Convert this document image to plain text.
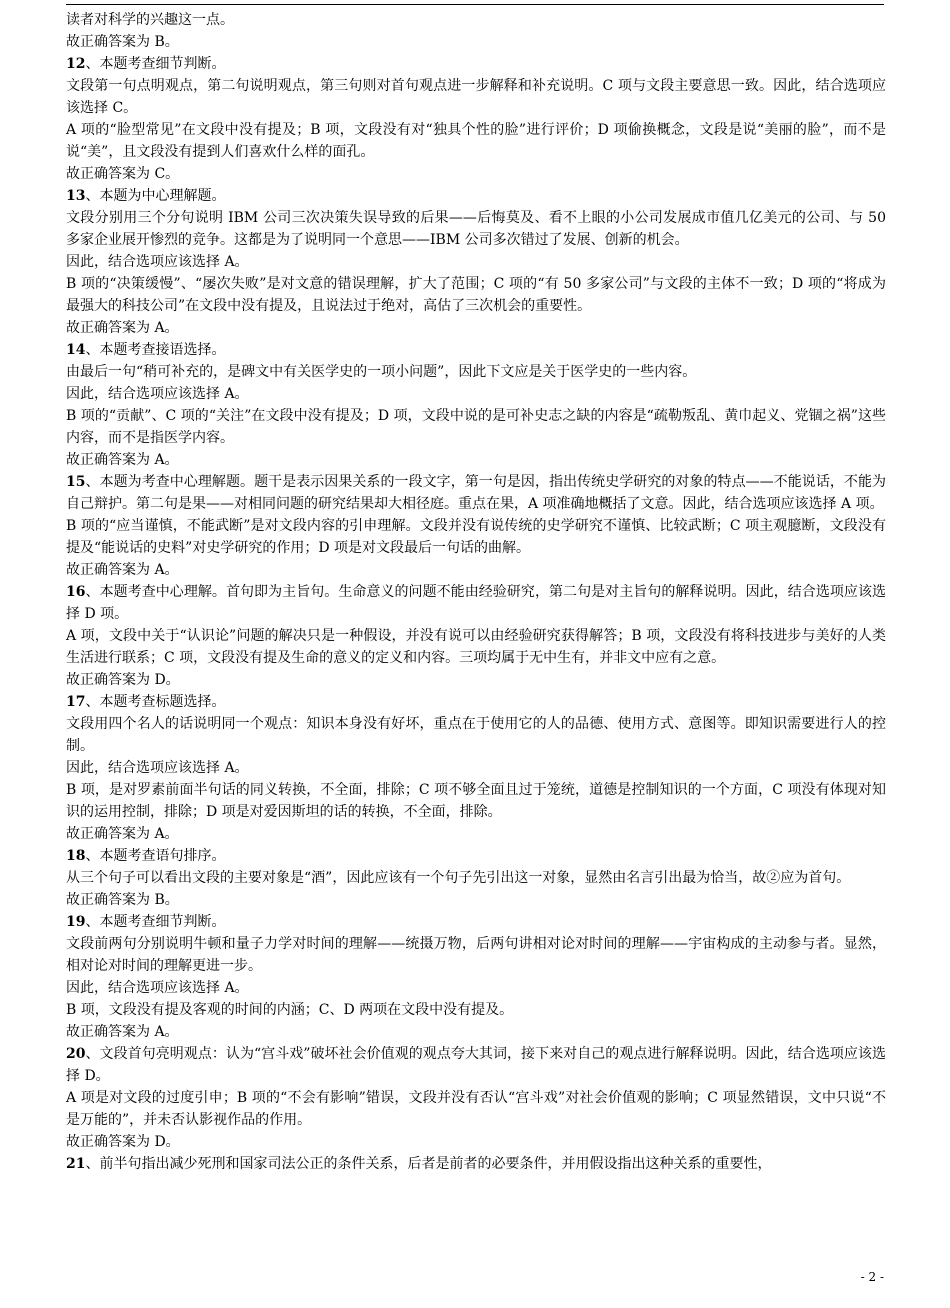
读者对科学的兴趣这一点。

故正确答案为 B。

12、本题考查细节判断。

文段第一句点明观点，第二句说明观点，第三句则对首句观点进一步解释和补充说明。C 项与文段主要意思一致。因此，结合选项应该选择 C。

A 项的“脸型常见”在文段中没有提及；B 项，文段没有对“独具个性的脸”进行评价；D 项偷换概念，文段是说“美丽的脸”，而不是说“美”，且文段没有提到人们喜欢什么样的面孔。

故正确答案为 C。

13、本题为中心理解题。

文段分别用三个分句说明 IBM 公司三次决策失误导致的后果——后悔莫及、看不上眼的小公司发展成市值几亿美元的公司、与 50 多家企业展开惨烈的竞争。这都是为了说明同一个意思——IBM 公司多次错过了发展、创新的机会。

因此，结合选项应该选择 A。

B 项的“决策缓慢”、“屡次失败”是对文意的错误理解，扩大了范围；C 项的“有 50 多家公司”与文段的主体不一致；D 项的“将成为最强大的科技公司”在文段中没有提及，且说法过于绝对，高估了三次机会的重要性。

故正确答案为 A。

14、本题考查接语选择。

由最后一句“稍可补充的，是碑文中有关医学史的一项小问题”，因此下文应是关于医学史的一些内容。

因此，结合选项应该选择 A。

B 项的“贡献”、C 项的“关注”在文段中没有提及；D 项，文段中说的是可补史志之缺的内容是“疏勒叛乱、黄巾起义、党锢之祸”这些内容，而不是指医学内容。

故正确答案为 A。

15、本题为考查中心理解题。题干是表示因果关系的一段文字，第一句是因，指出传统史学研究的对象的特点——不能说话，不能为自己辩护。第二句是果——对相同问题的研究结果却大相径庭。重点在果，A 项准确地概括了文意。因此，结合选项应该选择 A 项。

B 项的“应当谨慎，不能武断”是对文段内容的引申理解。文段并没有说传统的史学研究不谨慎、比较武断；C 项主观臆断，文段没有提及“能说话的史料”对史学研究的作用；D 项是对文段最后一句话的曲解。

故正确答案为 A。

16、本题考查中心理解。首句即为主旨句。生命意义的问题不能由经验研究，第二句是对主旨句的解释说明。因此，结合选项应该选择 D 项。

A 项，文段中关于“认识论”问题的解决只是一种假设，并没有说可以由经验研究获得解答；B 项，文段没有将科技进步与美好的人类生活进行联系；C 项，文段没有提及生命的意义的定义和内容。三项均属于无中生有，并非文中应有之意。

故正确答案为 D。

17、本题考查标题选择。

文段用四个名人的话说明同一个观点：知识本身没有好坏，重点在于使用它的人的品德、使用方式、意图等。即知识需要进行人的控制。

因此，结合选项应该选择 A。

B 项，是对罗素前面半句话的同义转换，不全面，排除；C 项不够全面且过于笼统，道德是控制知识的一个方面，C 项没有体现对知识的运用控制，排除；D 项是对爱因斯坦的话的转换，不全面，排除。

故正确答案为 A。

18、本题考查语句排序。

从三个句子可以看出文段的主要对象是“酒”，因此应该有一个句子先引出这一对象，显然由名言引出最为恰当，故②应为首句。

故正确答案为 B。

19、本题考查细节判断。

文段前两句分别说明牛顿和量子力学对时间的理解——统摄万物，后两句讲相对论对时间的理解——宇宙构成的主动参与者。显然，相对论对时间的理解更进一步。

因此，结合选项应该选择 A。

B 项，文段没有提及客观的时间的内涵；C、D 两项在文段中没有提及。

故正确答案为 A。

20、文段首句亮明观点：认为“宫斗戏”破坏社会价值观的观点夸大其词，接下来对自己的观点进行解释说明。因此，结合选项应该选择 D。

A 项是对文段的过度引申；B 项的“不会有影响”错误，文段并没有否认“宫斗戏”对社会价值观的影响；C 项显然错误，文中只说“不是万能的”，并未否认影视作品的作用。

故正确答案为 D。

21、前半句指出减少死刑和国家司法公正的条件关系，后者是前者的必要条件，并用假设指出这种关系的重要性，

- 2 -
